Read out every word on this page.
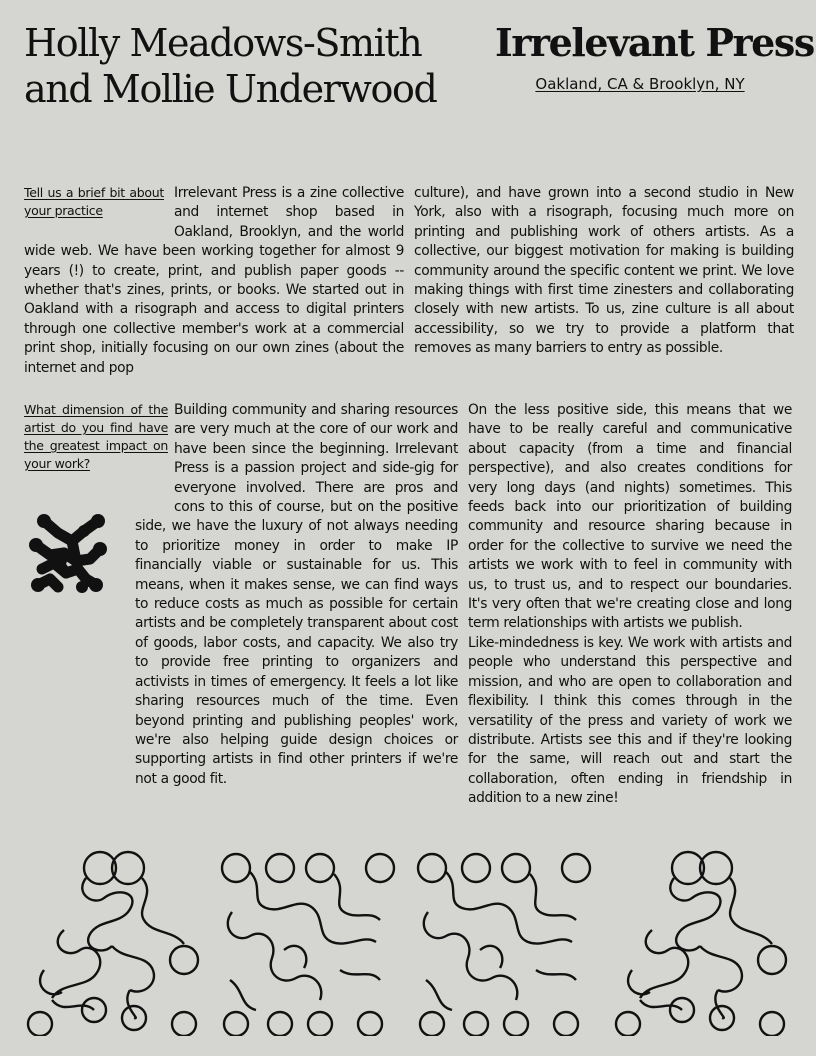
Holly Meadows-Smith
and Mollie Underwood
Irrelevant Press
Oakland, CA & Brooklyn, NY
Tell us a brief bit about your practice

Irrelevant Press is a zine collective and internet shop based in Oakland, Brooklyn, and the world wide web. We have been working together for almost 9 years (!) to create, print, and publish paper goods -- whether that's zines, prints, or books. We started out in Oakland with a risograph and access to digital printers through one collective member's work at a commercial print shop, initially focusing on our own zines (about the internet and pop

culture), and have grown into a second studio in New York, also with a risograph, focusing much more on printing and publishing work of others artists. As a collective, our biggest motivation for making is building community around the specific content we print. We love making things with first time zinesters and collaborating closely with new artists. To us, zine culture is all about accessibility, so we try to provide a platform that removes as many barriers to entry as possible.

What dimension of the artist do you find have the greatest impact on your work?

Building community and sharing resources are very much at the core of our work and have been since the beginning. Irrelevant Press is a passion project and side-gig for everyone involved. There are pros and cons to this of course, but on the positive side, we have the luxury of not always needing to prioritize money in order to make IP financially viable or sustainable for us. This means, when it makes sense, we can find ways to reduce costs as much as possible for certain artists and be completely transparent about cost of goods, labor costs, and capacity. We also try to provide free printing to organizers and activists in times of emergency. It feels a lot like sharing resources much of the time. Even beyond printing and publishing peoples' work, we're also helping guide design choices or supporting artists in find other printers if we're not a good fit.

On the less positive side, this means that we have to be really careful and communicative about capacity (from a time and financial perspective), and also creates conditions for very long days (and nights) sometimes. This feeds back into our prioritization of building community and resource sharing because in order for the collective to survive we need the artists we work with to feel in community with us, to trust us, and to respect our boundaries. It's very often that we're creating close and long term relationships with artists we publish.

Like-mindedness is key. We work with artists and people who understand this perspective and mission, and who are open to collaboration and flexibility. I think this comes through in the versatility of the press and variety of work we distribute. Artists see this and if they're looking for the same, will reach out and start the collaboration, often ending in friendship in addition to a new zine!
